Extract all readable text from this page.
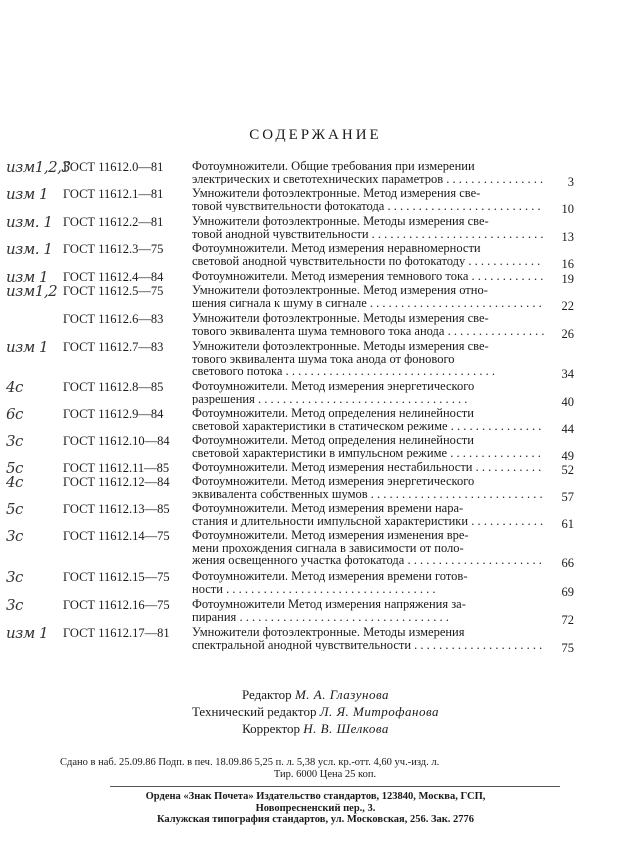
СОДЕРЖАНИЕ
изм1,2,3
ГОСТ 11612.0—81	Фотоумножители. Общие требования при измерении
электрических и светотехнических параметров . . .	3
изм 1	ГОСТ 11612.1—81	Умножители фотоэлектронные. Метод измерения све-
товой чувствительности фотокатода . . .	10
изм. 1 ГОСТ 11612.2—81	Умножители фотоэлектронные. Методы измерения све-
товой анодной чувствительности . . .	13
изм. 1 ГОСТ 11612.3—75	Фотоумножители. Метод измерения неравномерности
световой анодной чувствительности по фотокатоду . . .	16
изм 1	ГОСТ 11612.4—84	Фотоумножители. Метод измерения темнового тока . . .	19
изм1,2 ГОСТ 11612.5—75	Умножители фотоэлектронные. Метод измерения отно-
шения сигнала к шуму в сигнале . . .	22
ГОСТ 11612.6—83	Умножители фотоэлектронные. Методы измерения све-
тового эквивалента шума темнового тока анода . . .	26
изм 1	ГОСТ 11612.7—83	Умножители фотоэлектронные. Методы измерения све-
тового эквивалента шума тока анода от фонового
светового потока . . .	34
4с	ГОСТ 11612.8—85	Фотоумножители. Метод измерения энергетического
разрешения . . .	40
6с	ГОСТ 11612.9—84	Фотоумножители. Метод определения нелинейности
световой характеристики в статическом режиме . . .	44
3с	ГОСТ 11612.10—84	Фотоумножители. Метод определения нелинейности
световой характеристики в импульсном режиме . . .	49
5с	ГОСТ 11612.11—85	Фотоумножители. Метод измерения нестабильности . . .	52
4с	ГОСТ 11612.12—84	Фотоумножители. Метод измерения энергетического
эквивалента собственных шумов . . .	57
5с	ГОСТ 11612.13—85	Фотоумножители. Метод измерения времени нара-
стания и длительности импульсной характеристики . . .	61
3с	ГОСТ 11612.14—75	Фотоумножители. Метод измерения изменения вре-
мени прохождения сигнала в зависимости от поло-
жения освещенного участка фотокатода . . .	66
3с	ГОСТ 11612.15—75	Фотоумножители. Метод измерения времени готов-
ности . . .	69
3с	ГОСТ 11612.16—75	Фотоумножители Метод измерения напряжения за-
пирания . . .	72
изм 1	ГОСТ 11612.17—81	Умножители фотоэлектронные. Методы измерения
спектральной анодной чувствительности . . .	75
Редактор М. А. Глазунова
Технический редактор Л. Я. Митрофанова
Корректор Н. В. Шелкова
Сдано в наб. 25.09.86 Подп. в печ. 18.09.86 5,25 п. л. 5,38 усл. кр.-отт. 4,60 уч.-изд. л.
Тир. 6000 Цена 25 коп.
Ордена «Знак Почета» Издательство стандартов, 123840, Москва, ГСП,
Новопресненский пер., 3.
Калужская типография стандартов, ул. Московская, 256. Зак. 2776
